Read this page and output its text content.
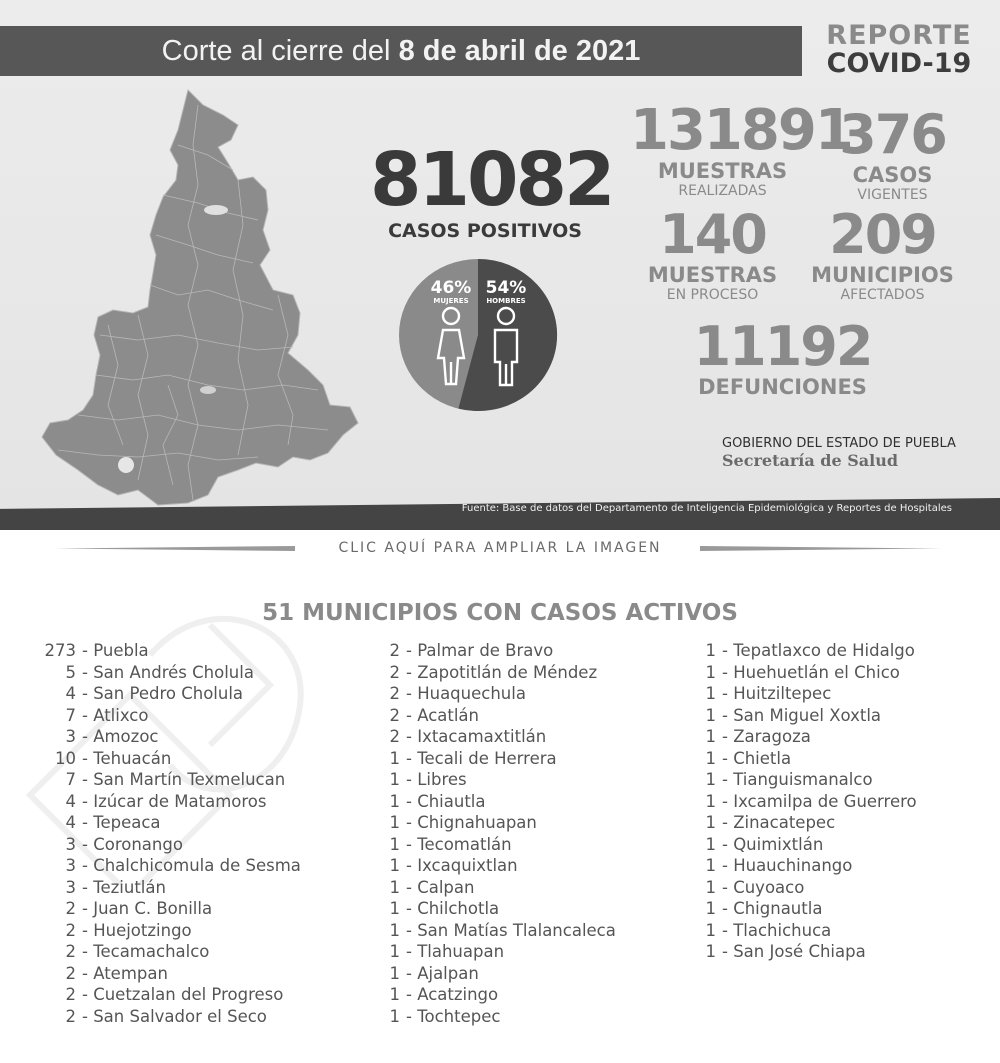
Corte al cierre del 8 de abril de 2021	REPORTE
COVID-19
81082
CASOS POSITIVOS
46%
MUJERES
54%
HOMBRES
131891
MUESTRAS
REALIZADAS
376
CASOS
VIGENTES
140
MUESTRAS
EN PROCESO
209
MUNICIPIOS
AFECTADOS
11192
DEFUNCIONES
GOBIERNO DEL ESTADO DE PUEBLA
Secretaría de Salud
Fuente: Base de datos del Departamento de Inteligencia Epidemiológica y Reportes de Hospitales
CLIC AQUÍ PARA AMPLIAR LA IMAGEN
51 MUNICIPIOS CON CASOS ACTIVOS
273 - Puebla
5 - San Andrés Cholula
4 - San Pedro Cholula
7 - Atlixco
3 - Amozoc
10 - Tehuacán
7 - San Martín Texmelucan
4 - Izúcar de Matamoros
4 - Tepeaca
3 - Coronango
3 - Chalchicomula de Sesma
3 - Teziutlán
2 - Juan C. Bonilla
2 - Huejotzingo
2 - Tecamachalco
2 - Atempan
2 - Cuetzalan del Progreso
2 - San Salvador el Seco
2 - Palmar de Bravo
2 - Zapotitlán de Méndez
2 - Huaquechula
2 - Acatlán
2 - Ixtacamaxtitlán
1 - Tecali de Herrera
1 - Libres
1 - Chiautla
1 - Chignahuapan
1 - Tecomatlán
1 - Ixcaquixtlan
1 - Calpan
1 - Chilchotla
1 - San Matías Tlalancaleca
1 - Tlahuapan
1 - Ajalpan
1 - Acatzingo
1 - Tochtepec
1 - Tepatlaxco de Hidalgo
1 - Huehuetlán el Chico
1 - Huitziltepec
1 - San Miguel Xoxtla
1 - Zaragoza
1 - Chietla
1 - Tianguismanalco
1 - Ixcamilpa de Guerrero
1 - Zinacatepec
1 - Quimixtlán
1 - Huauchinango
1 - Cuyoaco
1 - Chignautla
1 - Tlachichuca
1 - San José Chiapa
